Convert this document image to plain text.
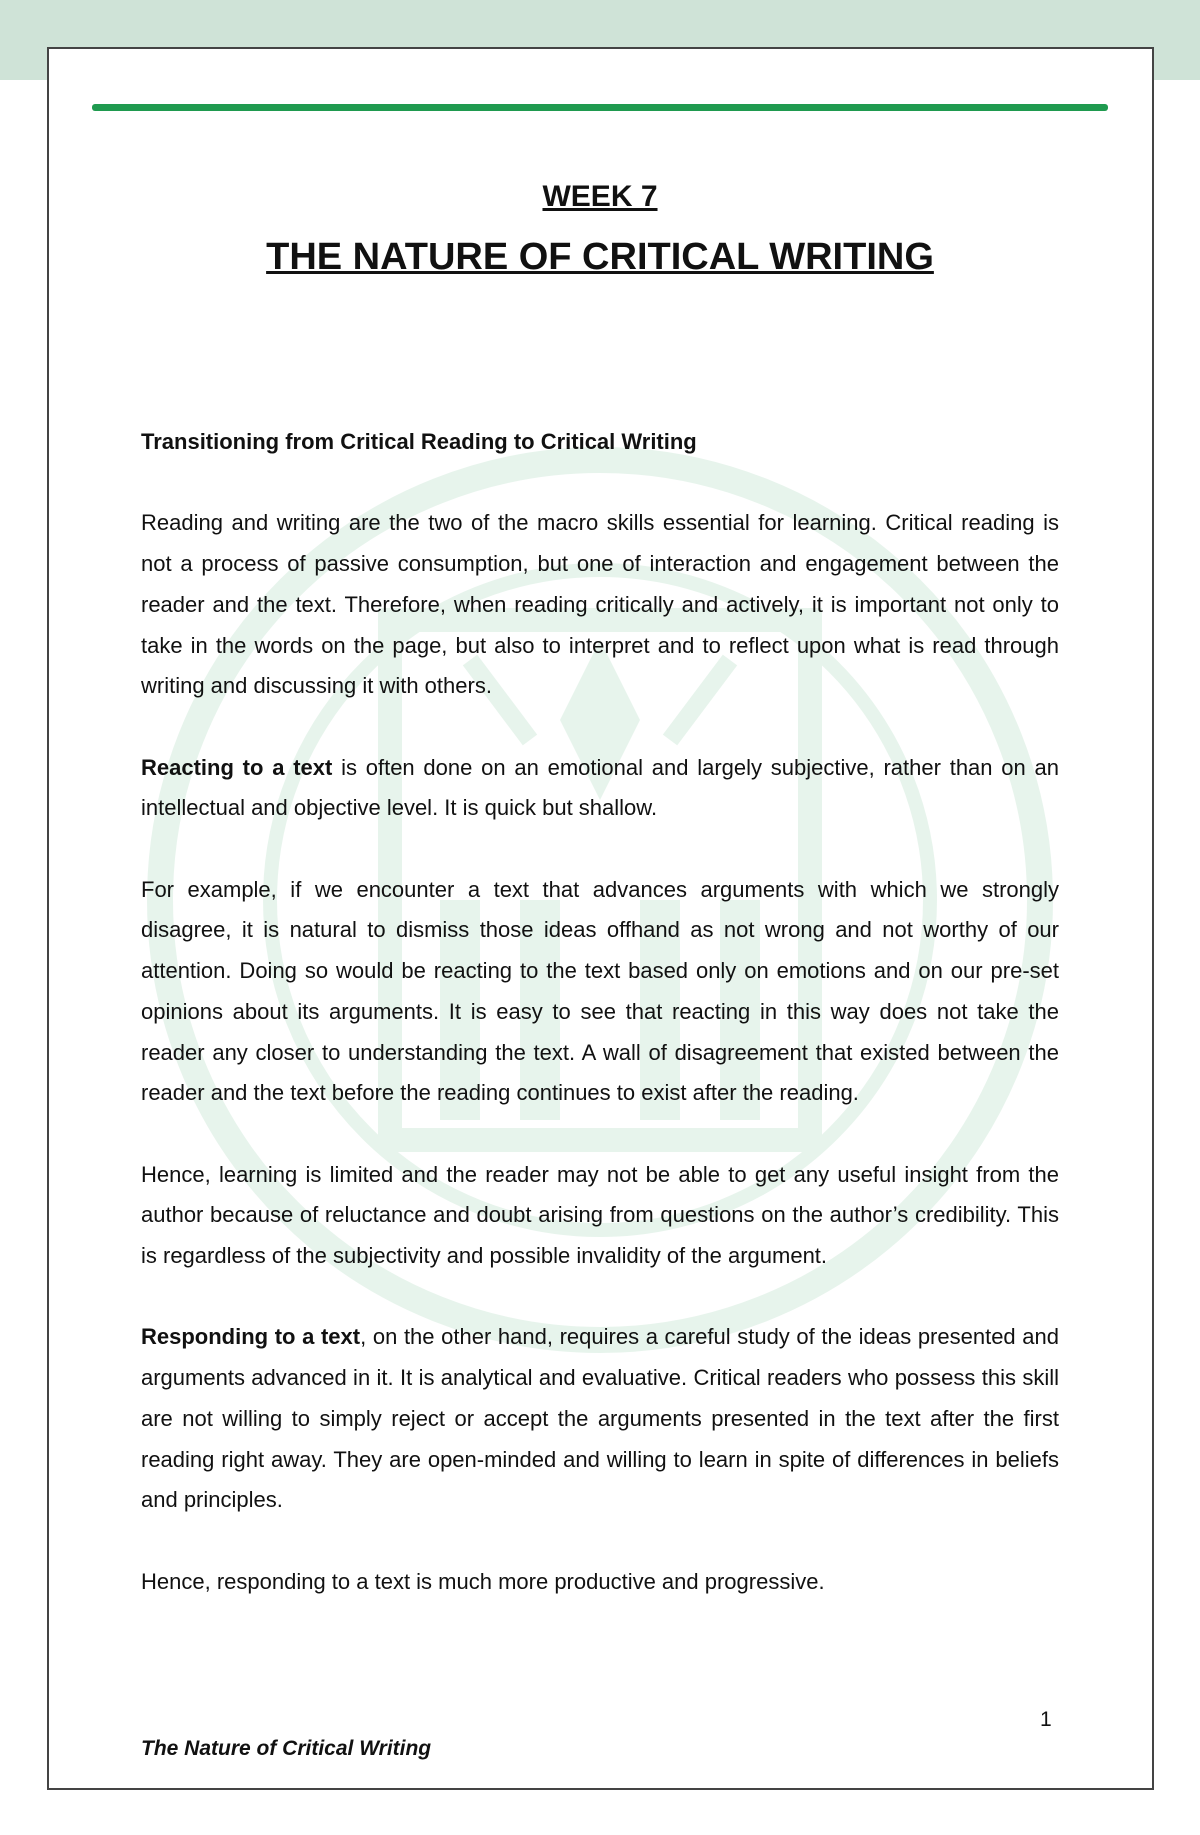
WEEK 7
THE NATURE OF CRITICAL WRITING
Transitioning from Critical Reading to Critical Writing

Reading and writing are the two of the macro skills essential for learning. Critical reading is not a process of passive consumption, but one of interaction and engagement between the reader and the text. Therefore, when reading critically and actively, it is important not only to take in the words on the page, but also to interpret and to reflect upon what is read through writing and discussing it with others.

Reacting to a text is often done on an emotional and largely subjective, rather than on an intellectual and objective level. It is quick but shallow.

For example, if we encounter a text that advances arguments with which we strongly disagree, it is natural to dismiss those ideas offhand as not wrong and not worthy of our attention. Doing so would be reacting to the text based only on emotions and on our pre-set opinions about its arguments. It is easy to see that reacting in this way does not take the reader any closer to understanding the text. A wall of disagreement that existed between the reader and the text before the reading continues to exist after the reading.

Hence, learning is limited and the reader may not be able to get any useful insight from the author because of reluctance and doubt arising from questions on the author’s credibility. This is regardless of the subjectivity and possible invalidity of the argument.

Responding to a text, on the other hand, requires a careful study of the ideas presented and arguments advanced in it. It is analytical and evaluative. Critical readers who possess this skill are not willing to simply reject or accept the arguments presented in the text after the first reading right away. They are open-minded and willing to learn in spite of differences in beliefs and principles.

Hence, responding to a text is much more productive and progressive.

1
The Nature of Critical Writing
